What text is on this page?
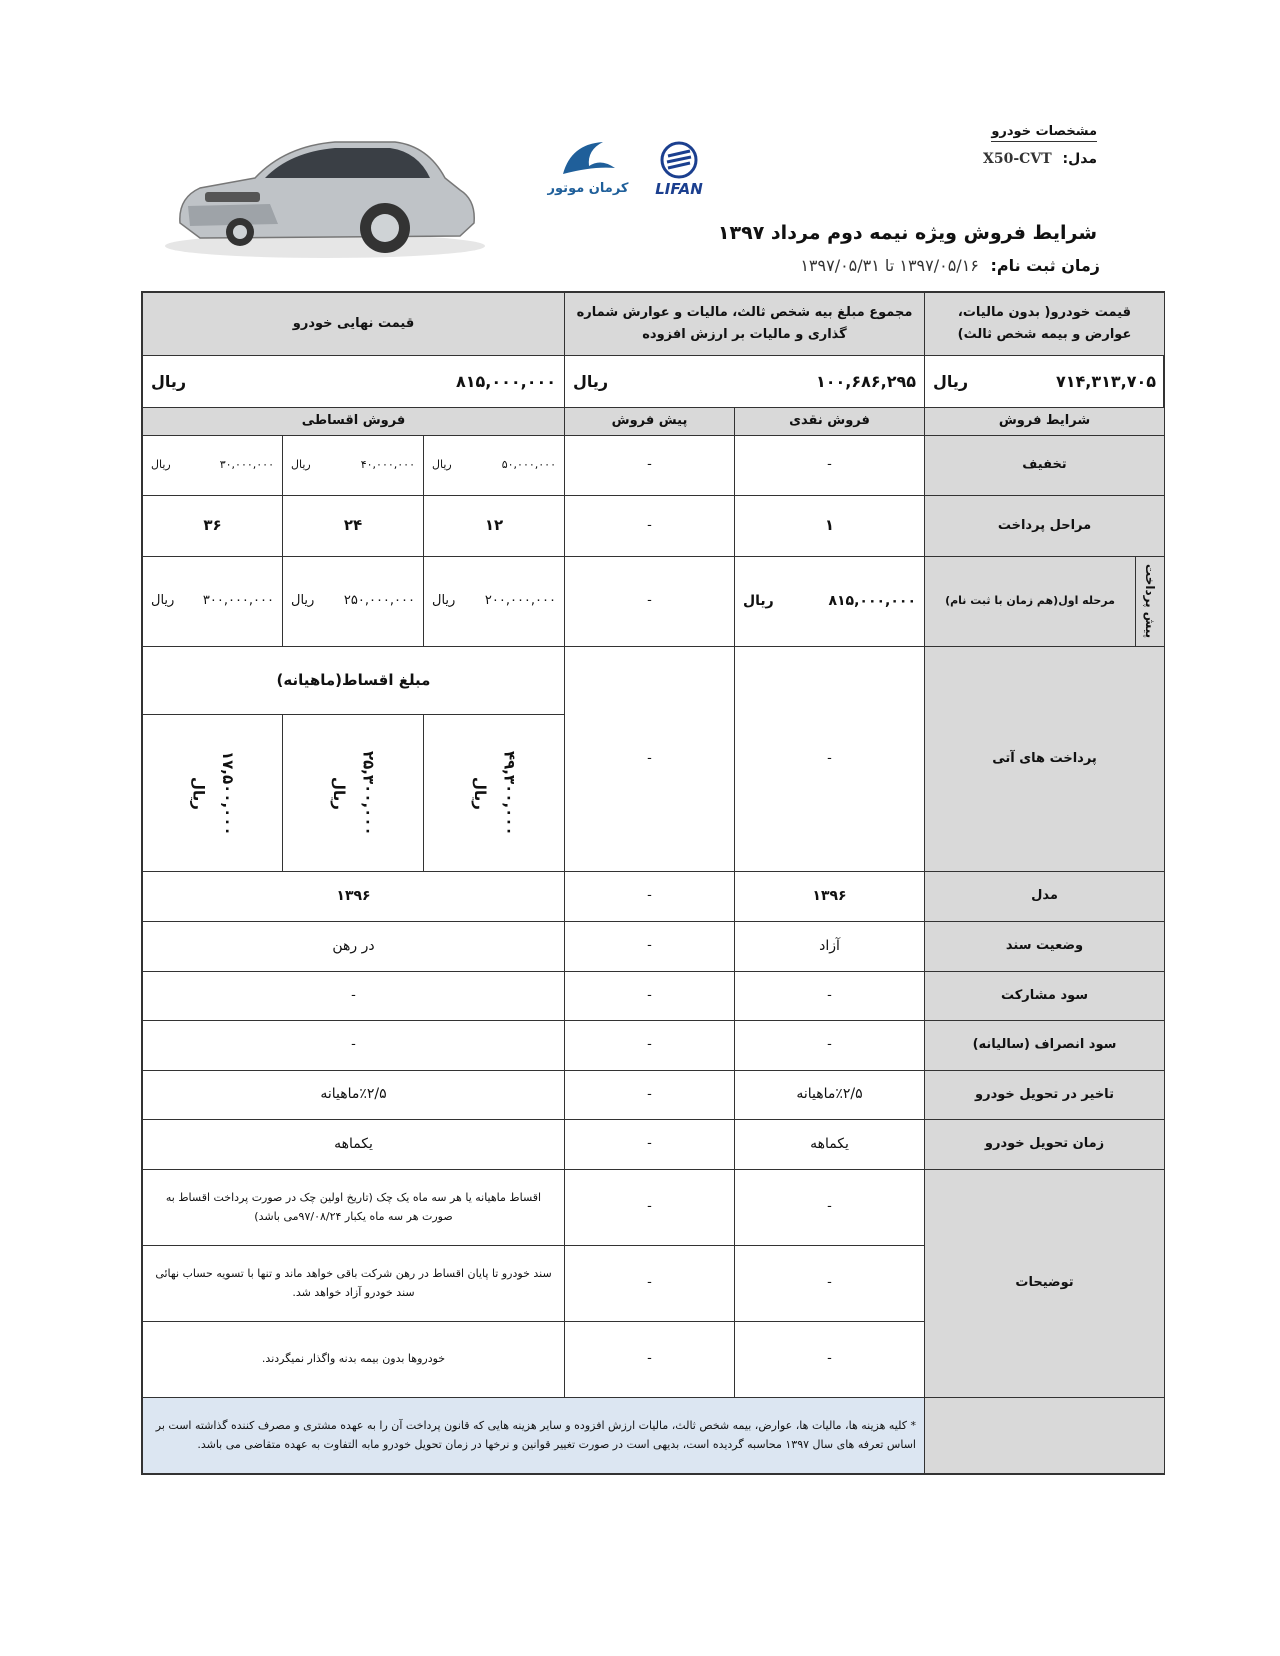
مشخصات خودرو
مدل: X50-CVT
شرایط فروش ویژه نیمه دوم مرداد ۱۳۹۷
زمان ثبت نام: ۱۳۹۷/۰۵/۱۶ تا ۱۳۹۷/۰۵/۳۱
کرمان موتور LIFAN
قیمت خودرو( بدون مالیات، عوارض و بیمه شخص ثالث)
مجموع مبلغ بیه شخص ثالث، مالیات و عوارش شماره گذاری و مالیات بر ارزش افزوده
قیمت نهایی خودرو
۷۱۴,۳۱۳,۷۰۵
ریال
۱۰۰,۶۸۶,۲۹۵
ریال
۸۱۵,۰۰۰,۰۰۰
ریال
شرایط فروش
فروش نقدی
پیش فروش
فروش اقساطی
تخفیف
-
-
۵۰,۰۰۰,۰۰۰
ریال
۴۰,۰۰۰,۰۰۰
ریال
۳۰,۰۰۰,۰۰۰
ریال
مراحل پرداخت
۱
-
۱۲
۲۴
۳۶
پیش پرداخت
مرحله اول(هم زمان با ثبت نام)
۸۱۵,۰۰۰,۰۰۰
ریال
-
۲۰۰,۰۰۰,۰۰۰
ریال
۲۵۰,۰۰۰,۰۰۰
ریال
۳۰۰,۰۰۰,۰۰۰
ریال
پرداخت های آتی
-
-
مبلغ اقساط(ماهیانه)
۴۹,۳۰۰,۰۰۰

ریال
۲۵,۳۰۰,۰۰۰

ریال
۱۷,۵۰۰,۰۰۰

ریال
مدل
۱۳۹۶
-
۱۳۹۶
وضعیت سند
آزاد
-
در رهن
سود مشارکت
-
-
-
سود انصراف (سالیانه)
-
-
-
تاخیر در تحویل خودرو
٪۲/۵ماهیانه
-
٪۲/۵ماهیانه
زمان تحویل خودرو
یکماهه
-
یکماهه
توضیحات
-
-
اقساط ماهیانه یا هر سه ماه یک چک (تاریخ اولین چک در صورت پرداخت اقساط به صورت هر سه ماه یکبار ۹۷/۰۸/۲۴می باشد)
-
-
سند خودرو تا پایان اقساط در رهن شرکت باقی خواهد ماند و تنها با تسویه حساب نهائی سند خودرو آزاد خواهد شد.
-
-
خودروها بدون بیمه بدنه واگذار نمیگردند.
* کلیه هزینه ها، مالیات ها، عوارض، بیمه شخص ثالث، مالیات ارزش افزوده و سایر هزینه هایی که قانون پرداخت آن را به عهده مشتری و مصرف کننده گذاشته است بر اساس تعرفه های سال ۱۳۹۷ محاسبه گردیده است، بدیهی است در صورت تغییر قوانین و نرخها در زمان تحویل خودرو مابه التفاوت به عهده متقاضی می باشد.
